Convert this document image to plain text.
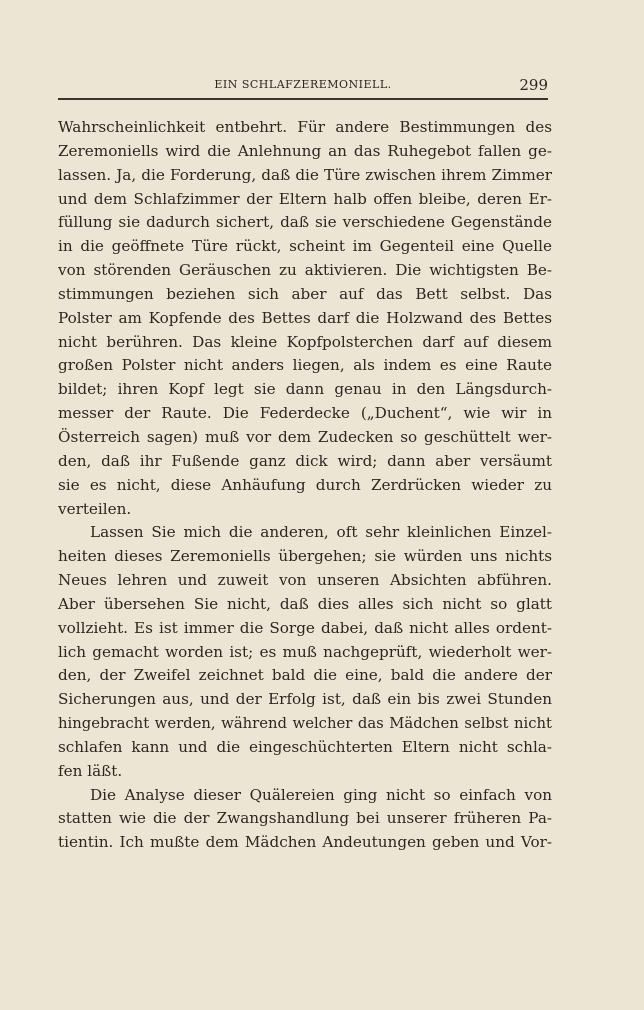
EIN SCHLAFZEREMONIELL.	299
Wahrscheinlichkeit entbehrt. Für andere Bestimmungen des
Zeremoniells wird die Anlehnung an das Ruhegebot fallen ge-
lassen. Ja, die Forderung, daß die Türe zwischen ihrem Zimmer
und dem Schlafzimmer der Eltern halb offen bleibe, deren Er-
füllung sie dadurch sichert, daß sie verschiedene Gegenstände
in die geöffnete Türe rückt, scheint im Gegenteil eine Quelle
von störenden Geräuschen zu aktivieren. Die wichtigsten Be-
stimmungen beziehen sich aber auf das Bett selbst. Das
Polster am Kopfende des Bettes darf die Holzwand des Bettes
nicht berühren. Das kleine Kopfpolsterchen darf auf diesem
großen Polster nicht anders liegen, als indem es eine Raute
bildet; ihren Kopf legt sie dann genau in den Längsdurch-
messer der Raute. Die Federdecke („Duchent“, wie wir in
Österreich sagen) muß vor dem Zudecken so geschüttelt wer-
den, daß ihr Fußende ganz dick wird; dann aber versäumt
sie es nicht, diese Anhäufung durch Zerdrücken wieder zu
verteilen.
Lassen Sie mich die anderen, oft sehr kleinlichen Einzel-
heiten dieses Zeremoniells übergehen; sie würden uns nichts
Neues lehren und zuweit von unseren Absichten abführen.
Aber übersehen Sie nicht, daß dies alles sich nicht so glatt
vollzieht. Es ist immer die Sorge dabei, daß nicht alles ordent-
lich gemacht worden ist; es muß nachgeprüft, wiederholt wer-
den, der Zweifel zeichnet bald die eine, bald die andere der
Sicherungen aus, und der Erfolg ist, daß ein bis zwei Stunden
hingebracht werden, während welcher das Mädchen selbst nicht
schlafen kann und die eingeschüchterten Eltern nicht schla-
fen läßt.
Die Analyse dieser Quälereien ging nicht so einfach von
statten wie die der Zwangshandlung bei unserer früheren Pa-
tientin. Ich mußte dem Mädchen Andeutungen geben und Vor-
